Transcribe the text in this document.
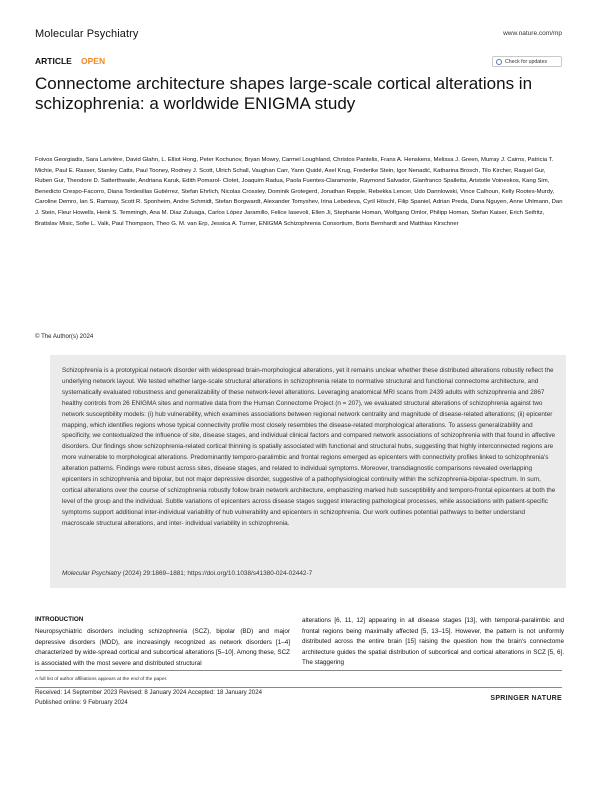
Molecular Psychiatry	www.nature.com/mp
ARTICLE OPEN	Check for updates
Connectome architecture shapes large-scale cortical alterations in schizophrenia: a worldwide ENIGMA study
Foivos Georgiadis, Sara Larivière, David Glahn, L. Elliot Hong, Peter Kochunov, Bryan Mowry, Carmel Loughland, Christos Pantelis, Frans A. Henskens, Melissa J. Green, Murray J. Cairns, Patricia T. Michie, Paul E. Rasser, Stanley Catts, Paul Tooney, Rodney J. Scott, Ulrich Schall, Vaughan Carr, Yann Quidé, Axel Krug, Frederike Stein, Igor Nenadić, Katharina Brosch, Tilo Kircher, Raquel Gur, Ruben Gur, Theodore D. Satterthwaite, Andriana Karuk, Edith Pomarol- Clotet, Joaquim Radua, Paola Fuentes-Claramonte, Raymond Salvador, Gianfranco Spalletta, Aristotle Voineskos, Kang Sim, Benedicto Crespo-Facorro, Diana Tordesillas Gutiérrez, Stefan Ehrlich, Nicolas Crossley, Dominik Grotegerd, Jonathan Repple, Rebekka Lencer, Udo Dannlowski, Vince Calhoun, Kelly Rootes-Murdy, Caroline Demro, Ian S. Ramsay, Scott R. Sponheim, Andre Schmidt, Stefan Borgwardt, Alexander Tomyshev, Irina Lebedeva, Cyril Höschl, Filip Spaniel, Adrian Preda, Dana Nguyen, Anne Uhlmann, Dan J. Stein, Fleur Howells, Henk S. Temmingh, Ana M. Diaz Zuluaga, Carlos López Jaramillo, Felice Iasevoli, Ellen Ji, Stephanie Homan, Wolfgang Omlor, Philipp Homan, Stefan Kaiser, Erich Seifritz, Bratislav Misic, Sofie L. Valk, Paul Thompson, Theo G. M. van Erp, Jessica A. Turner, ENIGMA Schizophrenia Consortium, Boris Bernhardt and Matthias Kirschner
© The Author(s) 2024

Schizophrenia is a prototypical network disorder with widespread brain-morphological alterations, yet it remains unclear whether these distributed alterations robustly reflect the underlying network layout. We tested whether large-scale structural alterations in schizophrenia relate to normative structural and functional connectome architecture, and systematically evaluated robustness and generalizability of these network-level alterations. Leveraging anatomical MRI scans from 2439 adults with schizophrenia and 2867 healthy controls from 26 ENIGMA sites and normative data from the Human Connectome Project (n = 207), we evaluated structural alterations of schizophrenia against two network susceptibility models: (i) hub vulnerability, which examines associations between regional network centrality and magnitude of disease-related alterations; (ii) epicenter mapping, which identifies regions whose typical connectivity profile most closely resembles the disease-related morphological alterations. To assess generalizability and specificity, we contextualized the influence of site, disease stages, and individual clinical factors and compared network associations of schizophrenia with that found in affective disorders. Our findings show schizophrenia-related cortical thinning is spatially associated with functional and structural hubs, suggesting that highly interconnected regions are more vulnerable to morphological alterations. Predominantly temporo-paralimbic and frontal regions emerged as epicenters with connectivity profiles linked to schizophrenia's alteration patterns. Findings were robust across sites, disease stages, and related to individual symptoms. Moreover, transdiagnostic comparisons revealed overlapping epicenters in schizophrenia and bipolar, but not major depressive disorder, suggestive of a pathophysiological continuity within the schizophrenia-bipolar-spectrum. In sum, cortical alterations over the course of schizophrenia robustly follow brain network architecture, emphasizing marked hub susceptibility and temporo-frontal epicenters at both the level of the group and the individual. Subtle variations of epicenters across disease stages suggest interacting pathological processes, while associations with patient-specific symptoms support additional inter-individual variability of hub vulnerability and epicenters in schizophrenia. Our work outlines potential pathways to better understand macroscale structural alterations, and inter- individual variability in schizophrenia.

Molecular Psychiatry (2024) 29:1869–1881; https://doi.org/10.1038/s41380-024-02442-7
INTRODUCTION

Neuropsychiatric disorders including schizophrenia (SCZ), bipolar (BD) and major depressive disorders (MDD), are increasingly recognized as network disorders [1–4] characterized by wide-spread cortical and subcortical alterations [5–10]. Among these, SCZ is associated with the most severe and distributed structural

alterations [6, 11, 12] appearing in all disease stages [13], with temporal-paralimbic and frontal regions being maximally affected [5, 13–15]. However, the pattern is not uniformly distributed across the entire brain [15] raising the question how the brain's connectome architecture guides the spatial distribution of subcortical and cortical alterations in SCZ [5, 6]. The staggering

A full list of author affiliations appears at the end of the paper.
Received: 14 September 2023 Revised: 8 January 2024 Accepted: 18 January 2024
Published online: 9 February 2024
SPRINGER NATURE
